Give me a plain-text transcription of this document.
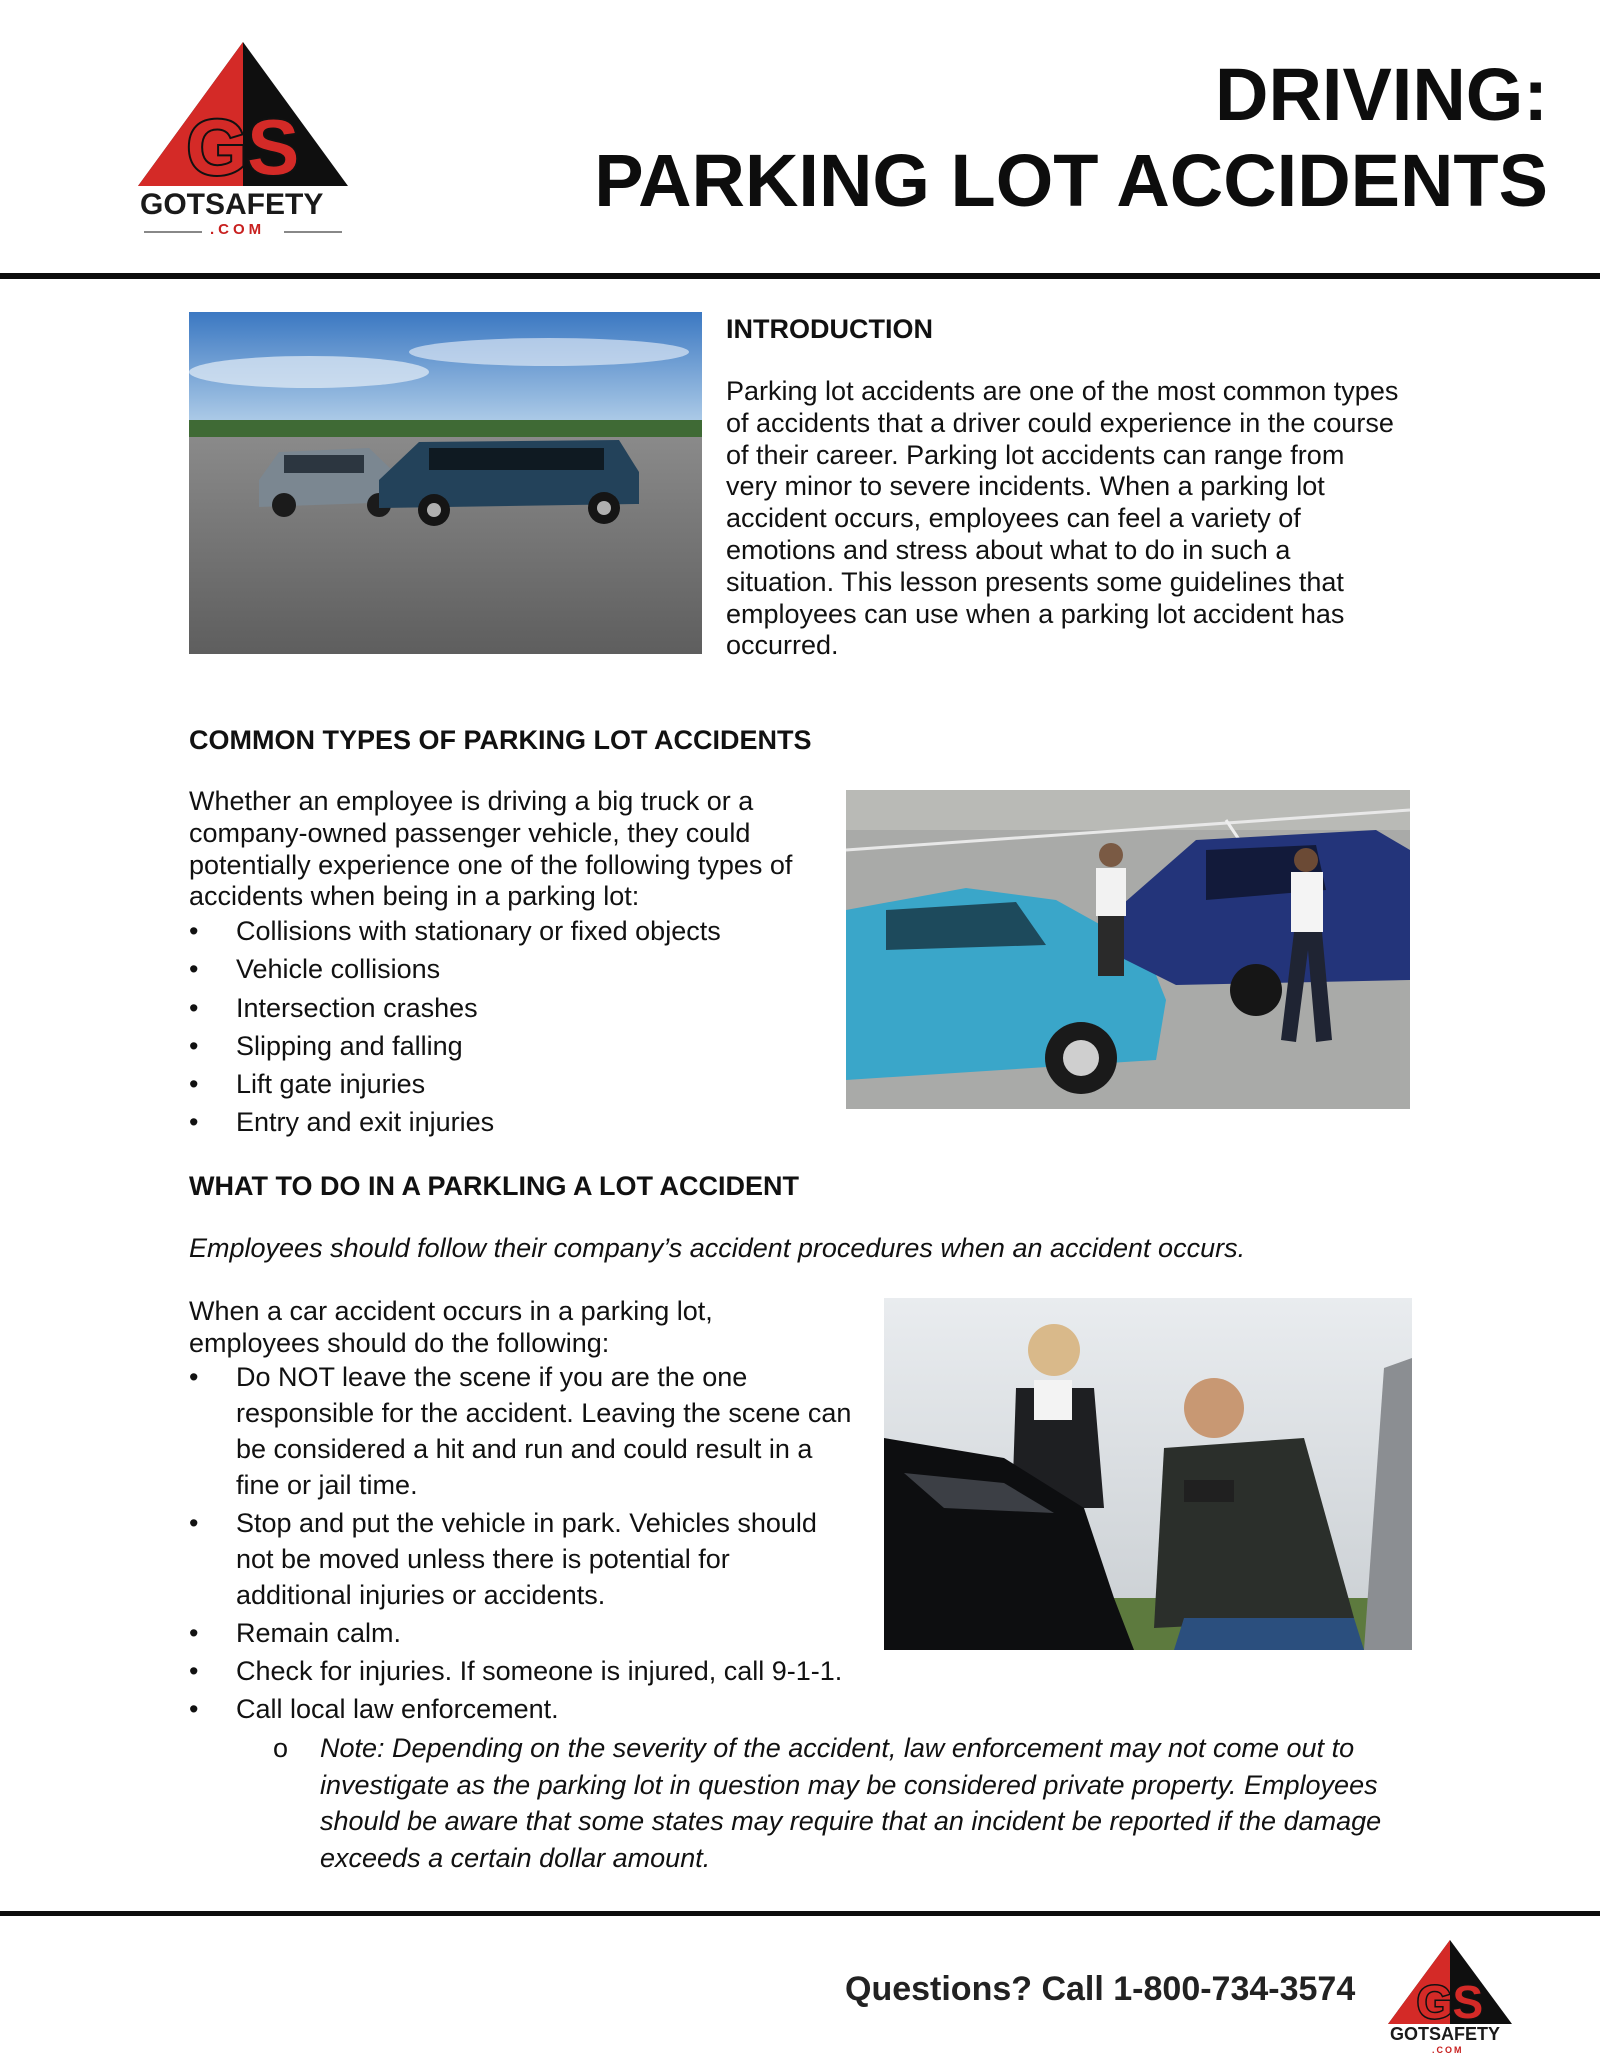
GS
GOTSAFETY
.COM
DRIVING:
PARKING LOT ACCIDENTS
INTRODUCTION
Parking lot accidents are one of the most common types
of accidents that a driver could experience in the course
of their career. Parking lot accidents can range from
very minor to severe incidents. When a parking lot
accident occurs, employees can feel a variety of
emotions and stress about what to do in such a
situation. This lesson presents some guidelines that
employees can use when a parking lot accident has
occurred.
COMMON TYPES OF PARKING LOT ACCIDENTS
Whether an employee is driving a big truck or a
company-owned passenger vehicle, they could
potentially experience one of the following types of
accidents when being in a parking lot:
• Collisions with stationary or fixed objects
• Vehicle collisions
• Intersection crashes
• Slipping and falling
• Lift gate injuries
• Entry and exit injuries
WHAT TO DO IN A PARKLING A LOT ACCIDENT
Employees should follow their company’s accident procedures when an accident occurs.
When a car accident occurs in a parking lot,
employees should do the following:
• Do NOT leave the scene if you are the one
responsible for the accident. Leaving the scene can
be considered a hit and run and could result in a
fine or jail time.
• Stop and put the vehicle in park. Vehicles should
not be moved unless there is potential for
additional injuries or accidents.
• Remain calm.
• Check for injuries. If someone is injured, call 9-1-1.
• Call local law enforcement.
o Note: Depending on the severity of the accident, law enforcement may not come out to
investigate as the parking lot in question may be considered private property. Employees
should be aware that some states may require that an incident be reported if the damage
exceeds a certain dollar amount.
Questions? Call 1-800-734-3574 GS
GOTSAFETY
.COM
